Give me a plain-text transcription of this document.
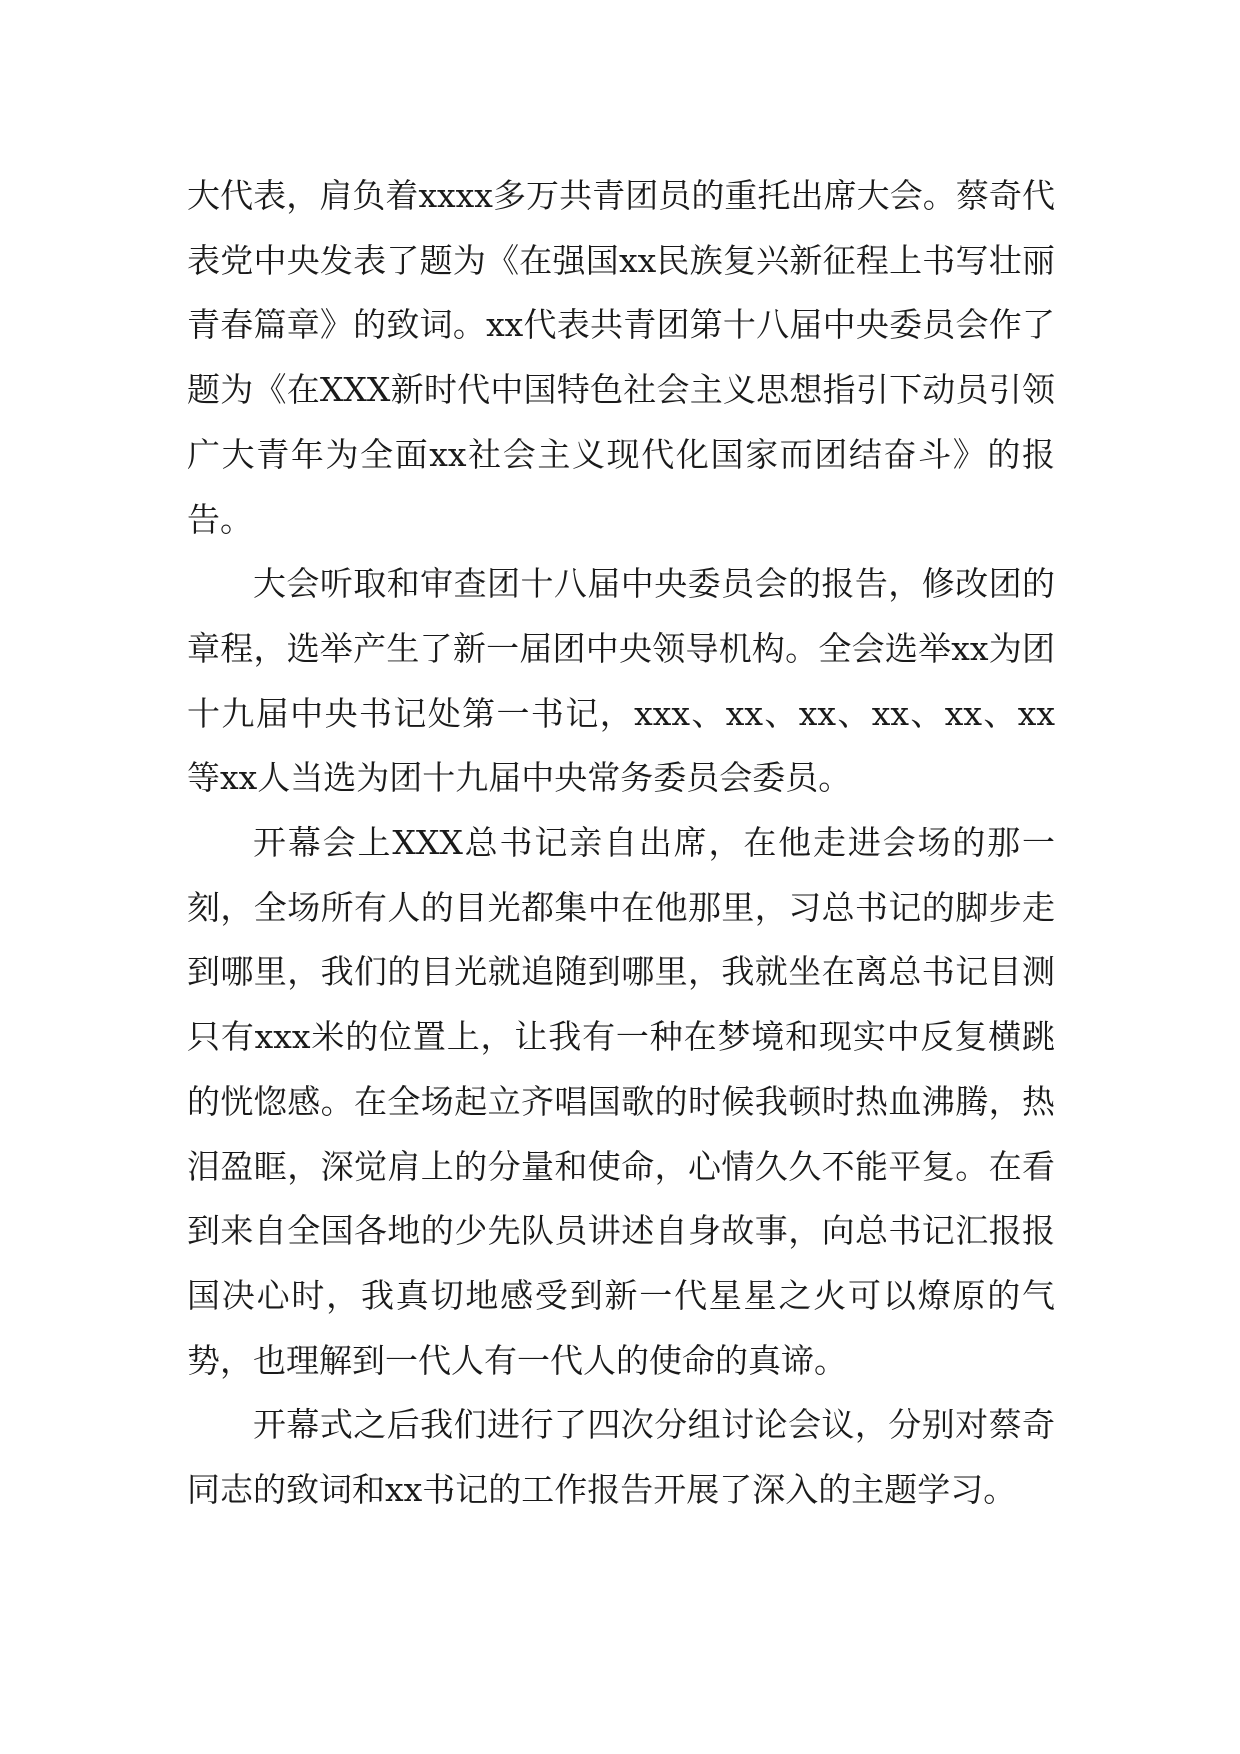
大代表，肩负着xxxx多万共青团员的重托出席大会。蔡奇代表党中央发表了题为《在强国xx民族复兴新征程上书写壮丽青春篇章》的致词。xx代表共青团第十八届中央委员会作了题为《在XXX新时代中国特色社会主义思想指引下动员引领广大青年为全面xx社会主义现代化国家而团结奋斗》的报告。

大会听取和审查团十八届中央委员会的报告，修改团的章程，选举产生了新一届团中央领导机构。全会选举xx为团十九届中央书记处第一书记，xxx、xx、xx、xx、xx、xx等xx人当选为团十九届中央常务委员会委员。

开幕会上XXX总书记亲自出席，在他走进会场的那一刻，全场所有人的目光都集中在他那里，习总书记的脚步走到哪里，我们的目光就追随到哪里，我就坐在离总书记目测只有xxx米的位置上，让我有一种在梦境和现实中反复横跳的恍惚感。在全场起立齐唱国歌的时候我顿时热血沸腾，热泪盈眶，深觉肩上的分量和使命，心情久久不能平复。在看到来自全国各地的少先队员讲述自身故事，向总书记汇报报国决心时，我真切地感受到新一代星星之火可以燎原的气势，也理解到一代人有一代人的使命的真谛。

开幕式之后我们进行了四次分组讨论会议，分别对蔡奇同志的致词和xx书记的工作报告开展了深入的主题学习。
